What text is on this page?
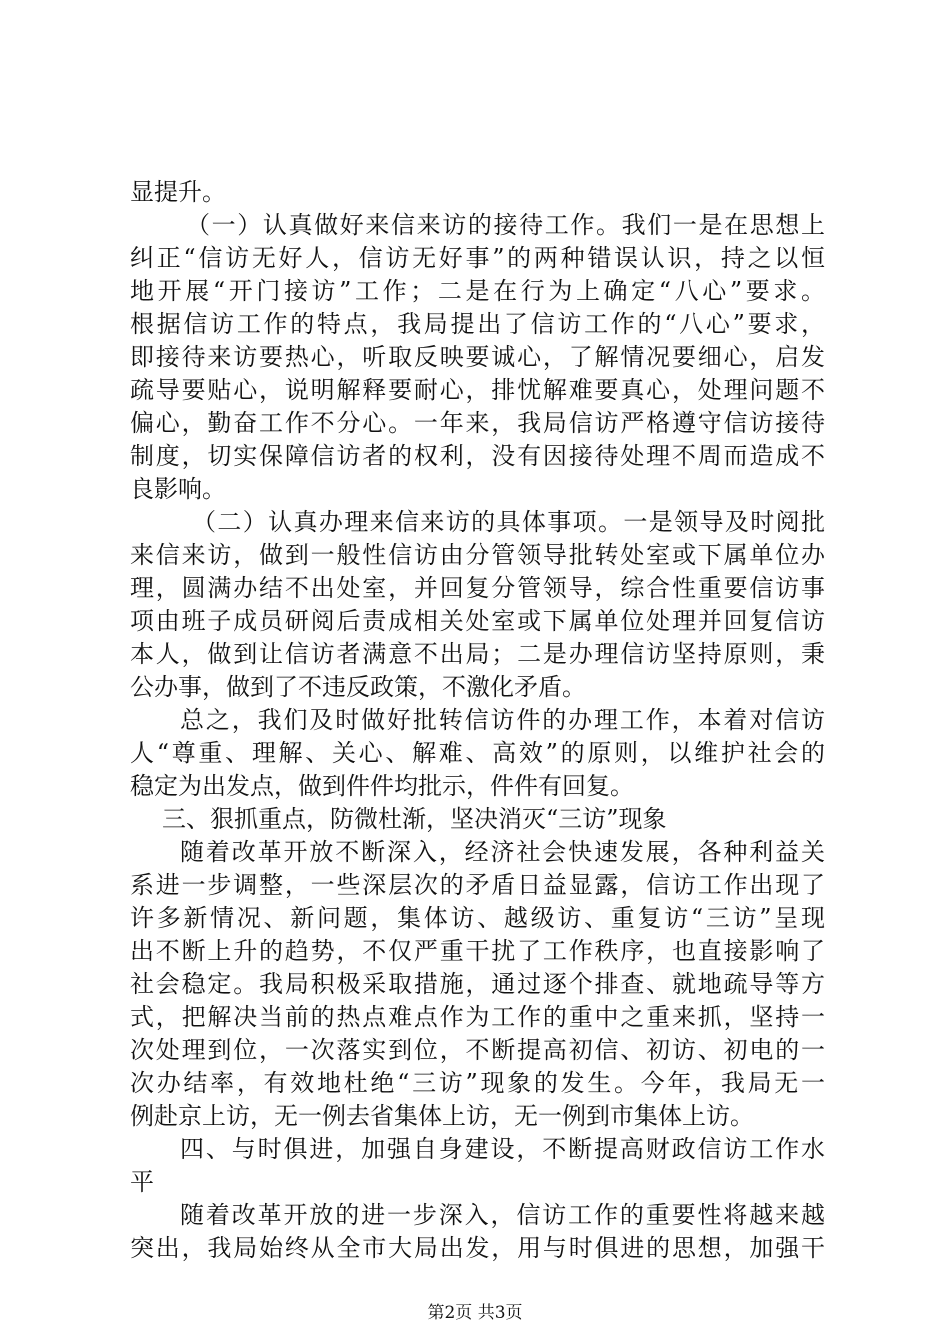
显提升。
（一）认真做好来信来访的接待工作。我们一是在思想上
纠正“信访无好人，信访无好事”的两种错误认识，持之以恒
地开展“开门接访”工作；二是在行为上确定“八心”要求。
根据信访工作的特点，我局提出了信访工作的“八心”要求，
即接待来访要热心，听取反映要诚心，了解情况要细心，启发
疏导要贴心，说明解释要耐心，排忧解难要真心，处理问题不
偏心，勤奋工作不分心。一年来，我局信访严格遵守信访接待
制度，切实保障信访者的权利，没有因接待处理不周而造成不
良影响。
（二）认真办理来信来访的具体事项。一是领导及时阅批
来信来访，做到一般性信访由分管领导批转处室或下属单位办
理，圆满办结不出处室，并回复分管领导，综合性重要信访事
项由班子成员研阅后责成相关处室或下属单位处理并回复信访
本人，做到让信访者满意不出局；二是办理信访坚持原则，秉
公办事，做到了不违反政策，不激化矛盾。
总之，我们及时做好批转信访件的办理工作，本着对信访
人“尊重、理解、关心、解难、高效”的原则，以维护社会的
稳定为出发点，做到件件均批示，件件有回复。
三、狠抓重点，防微杜渐，坚决消灭“三访”现象
随着改革开放不断深入，经济社会快速发展，各种利益关
系进一步调整，一些深层次的矛盾日益显露，信访工作出现了
许多新情况、新问题，集体访、越级访、重复访“三访”呈现
出不断上升的趋势，不仅严重干扰了工作秩序，也直接影响了
社会稳定。我局积极采取措施，通过逐个排查、就地疏导等方
式，把解决当前的热点难点作为工作的重中之重来抓，坚持一
次处理到位，一次落实到位，不断提高初信、初访、初电的一
次办结率，有效地杜绝“三访”现象的发生。今年，我局无一
例赴京上访，无一例去省集体上访，无一例到市集体上访。
四、与时俱进，加强自身建设，不断提高财政信访工作水
平
随着改革开放的进一步深入，信访工作的重要性将越来越
突出，我局始终从全市大局出发，用与时俱进的思想，加强干
第2页 共3页
